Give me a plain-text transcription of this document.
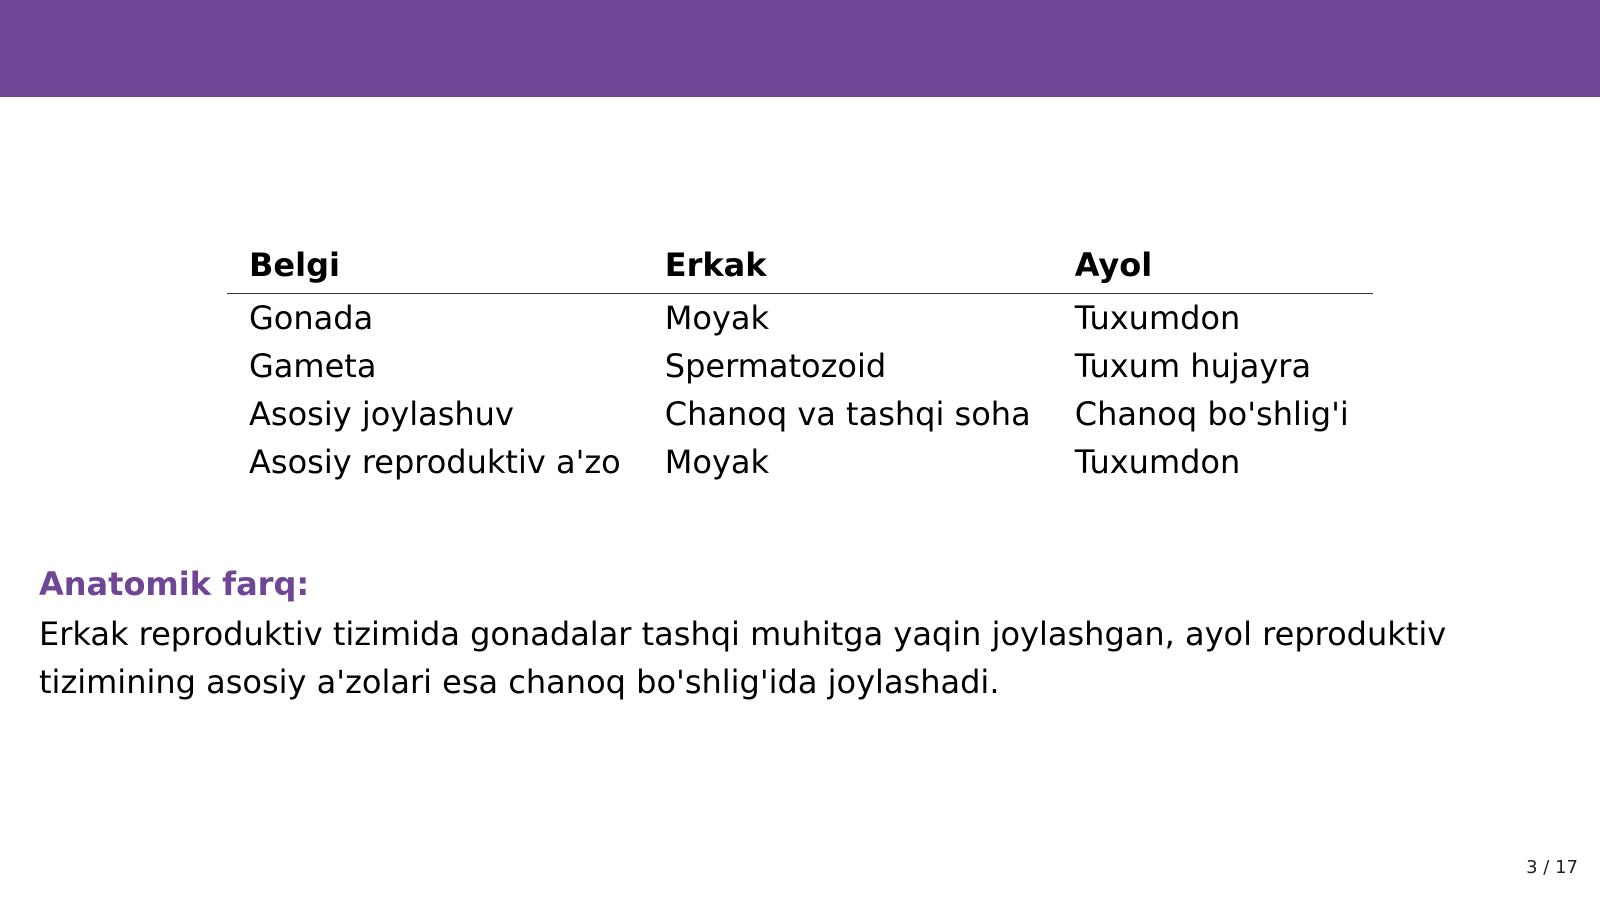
Belgi	Erkak	Ayol
Gonada	Moyak	Tuxumdon
Gameta	Spermatozoid	Tuxum hujayra
Asosiy joylashuv	Chanoq va tashqi soha	Chanoq bo'shlig'i
Asosiy reproduktiv a'zo	Moyak	Tuxumdon
Anatomik farq:

Erkak reproduktiv tizimida gonadalar tashqi muhitga yaqin joylashgan, ayol reproduktiv tizimining asosiy a'zolari esa chanoq bo'shlig'ida joylashadi.

3 / 17
